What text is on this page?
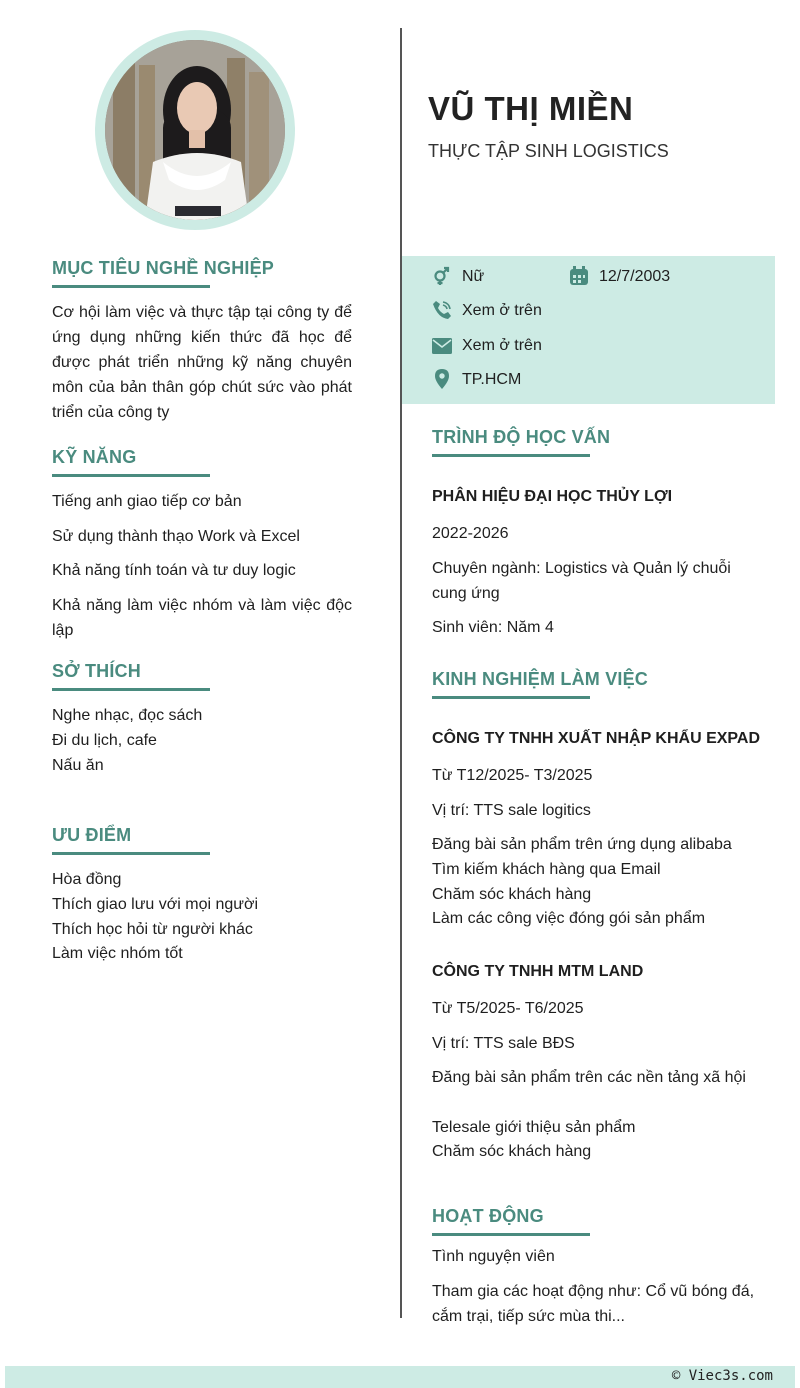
MỤC TIÊU NGHỀ NGHIỆP
Cơ hội làm việc và thực tập tại công ty để ứng dụng những kiến thức đã học để được phát triển những kỹ năng chuyên môn của bản thân góp chút sức vào phát triển của công ty
KỸ NĂNG
Tiếng anh giao tiếp cơ bản
Sử dụng thành thạo Work và Excel
Khả năng tính toán và tư duy logic
Khả năng làm việc nhóm và làm việc độc lập
SỞ THÍCH
Nghe nhạc, đọc sách
Đi du lịch, cafe
Nấu ăn
ƯU ĐIỂM
Hòa đồng
Thích giao lưu với mọi người
Thích học hỏi từ người khác
Làm việc nhóm tốt
VŨ THỊ MIỀN
THỰC TẬP SINH LOGISTICS
Nữ	12/7/2003
Xem ở trên
Xem ở trên
TP.HCM
TRÌNH ĐỘ HỌC VẤN
PHÂN HIỆU ĐẠI HỌC THỦY LỢI
2022-2026
Chuyên ngành: Logistics và Quản lý chuỗi cung ứng
Sinh viên: Năm 4
KINH NGHIỆM LÀM VIỆC
CÔNG TY TNHH XUẤT NHẬP KHẨU EXPAD
Từ T12/2025- T3/2025
Vị trí: TTS sale logitics
Đăng bài sản phẩm trên ứng dụng alibaba
Tìm kiếm khách hàng qua Email
Chăm sóc khách hàng
Làm các công việc đóng gói sản phẩm
CÔNG TY TNHH MTM LAND
Từ T5/2025- T6/2025
Vị trí: TTS sale BĐS
Đăng bài sản phẩm trên các nền tảng xã hội
Telesale giới thiệu sản phẩm
Chăm sóc khách hàng
HOẠT ĐỘNG
Tình nguyện viên
Tham gia các hoạt động như: Cổ vũ bóng đá, cắm trại, tiếp sức mùa thi...
© Viec3s.com
